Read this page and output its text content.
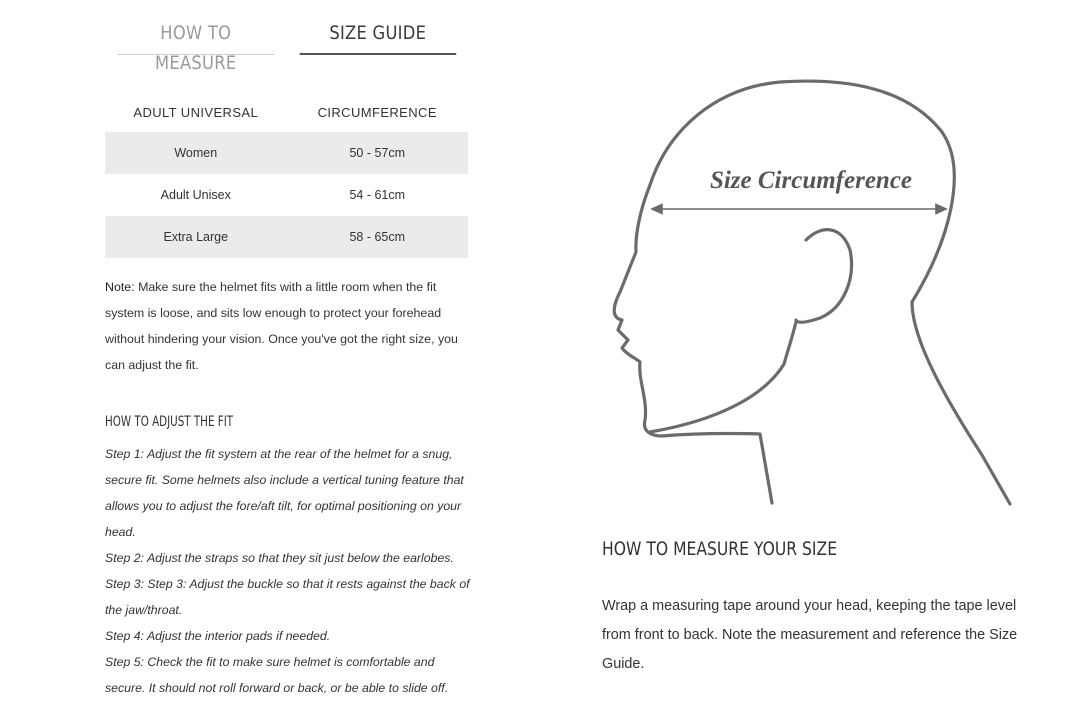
HOW TO MEASURE
SIZE GUIDE
ADULT UNIVERSAL	CIRCUMFERENCE
Women	50 - 57cm
Adult Unisex	54 - 61cm
Extra Large	58 - 65cm
Note: Make sure the helmet fits with a little room when the fit system is loose, and sits low enough to protect your forehead without hindering your vision. Once you've got the right size, you can adjust the fit.
HOW TO ADJUST THE FIT

Step 1: Adjust the fit system at the rear of the helmet for a snug, secure fit. Some helmets also include a vertical tuning feature that allows you to adjust the fore/aft tilt, for optimal positioning on your head.

Step 2: Adjust the straps so that they sit just below the earlobes.

Step 3: Step 3: Adjust the buckle so that it rests against the back of the jaw/throat.

Step 4: Adjust the interior pads if needed.

Step 5: Check the fit to make sure helmet is comfortable and secure. It should not roll forward or back, or be able to slide off.

Size Circumference
HOW TO MEASURE YOUR SIZE
Wrap a measuring tape around your head, keeping the tape level from front to back. Note the measurement and reference the Size Guide.
